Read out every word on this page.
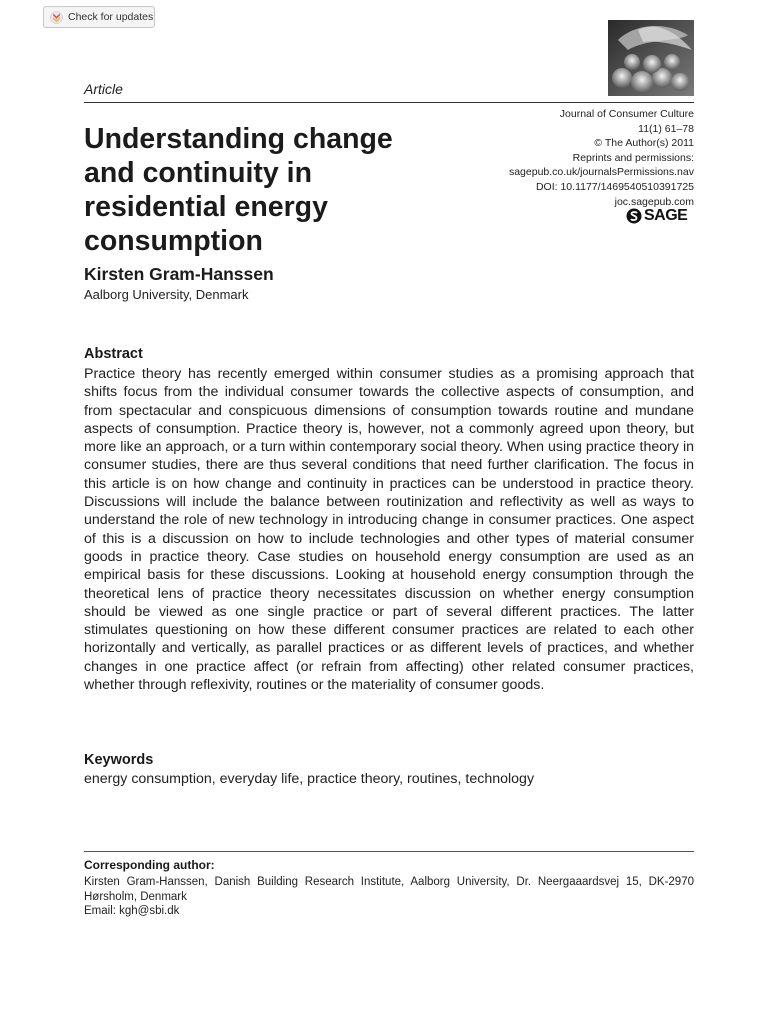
Check for updates
Article
Journal of Consumer Culture
11(1) 61–78
© The Author(s) 2011
Reprints and permissions:
sagepub.co.uk/journalsPermissions.nav
DOI: 10.1177/1469540510391725
joc.sagepub.com
SAGE
Understanding change and continuity in residential energy consumption
Kirsten Gram-Hanssen
Aalborg University, Denmark
Abstract

Practice theory has recently emerged within consumer studies as a promising approach that shifts focus from the individual consumer towards the collective aspects of consumption, and from spectacular and conspicuous dimensions of consumption towards routine and mundane aspects of consumption. Practice theory is, however, not a commonly agreed upon theory, but more like an approach, or a turn within contemporary social theory. When using practice theory in consumer studies, there are thus several conditions that need further clarification. The focus in this article is on how change and continuity in practices can be understood in practice theory. Discussions will include the balance between routinization and reflectivity as well as ways to understand the role of new technology in introducing change in consumer practices. One aspect of this is a discussion on how to include technologies and other types of material consumer goods in practice theory. Case studies on household energy consumption are used as an empirical basis for these discussions. Looking at household energy consumption through the theoretical lens of practice theory necessitates discussion on whether energy consumption should be viewed as one single practice or part of several different practices. The latter stimulates questioning on how these different consumer practices are related to each other horizontally and vertically, as parallel practices or as different levels of practices, and whether changes in one practice affect (or refrain from affecting) other related consumer practices, whether through reflexivity, routines or the materiality of consumer goods.

Keywords
energy consumption, everyday life, practice theory, routines, technology
Corresponding author:

Kirsten Gram-Hanssen, Danish Building Research Institute, Aalborg University, Dr. Neergaaardsvej 15, DK-2970 Hørsholm, Denmark

Email: kgh@sbi.dk
